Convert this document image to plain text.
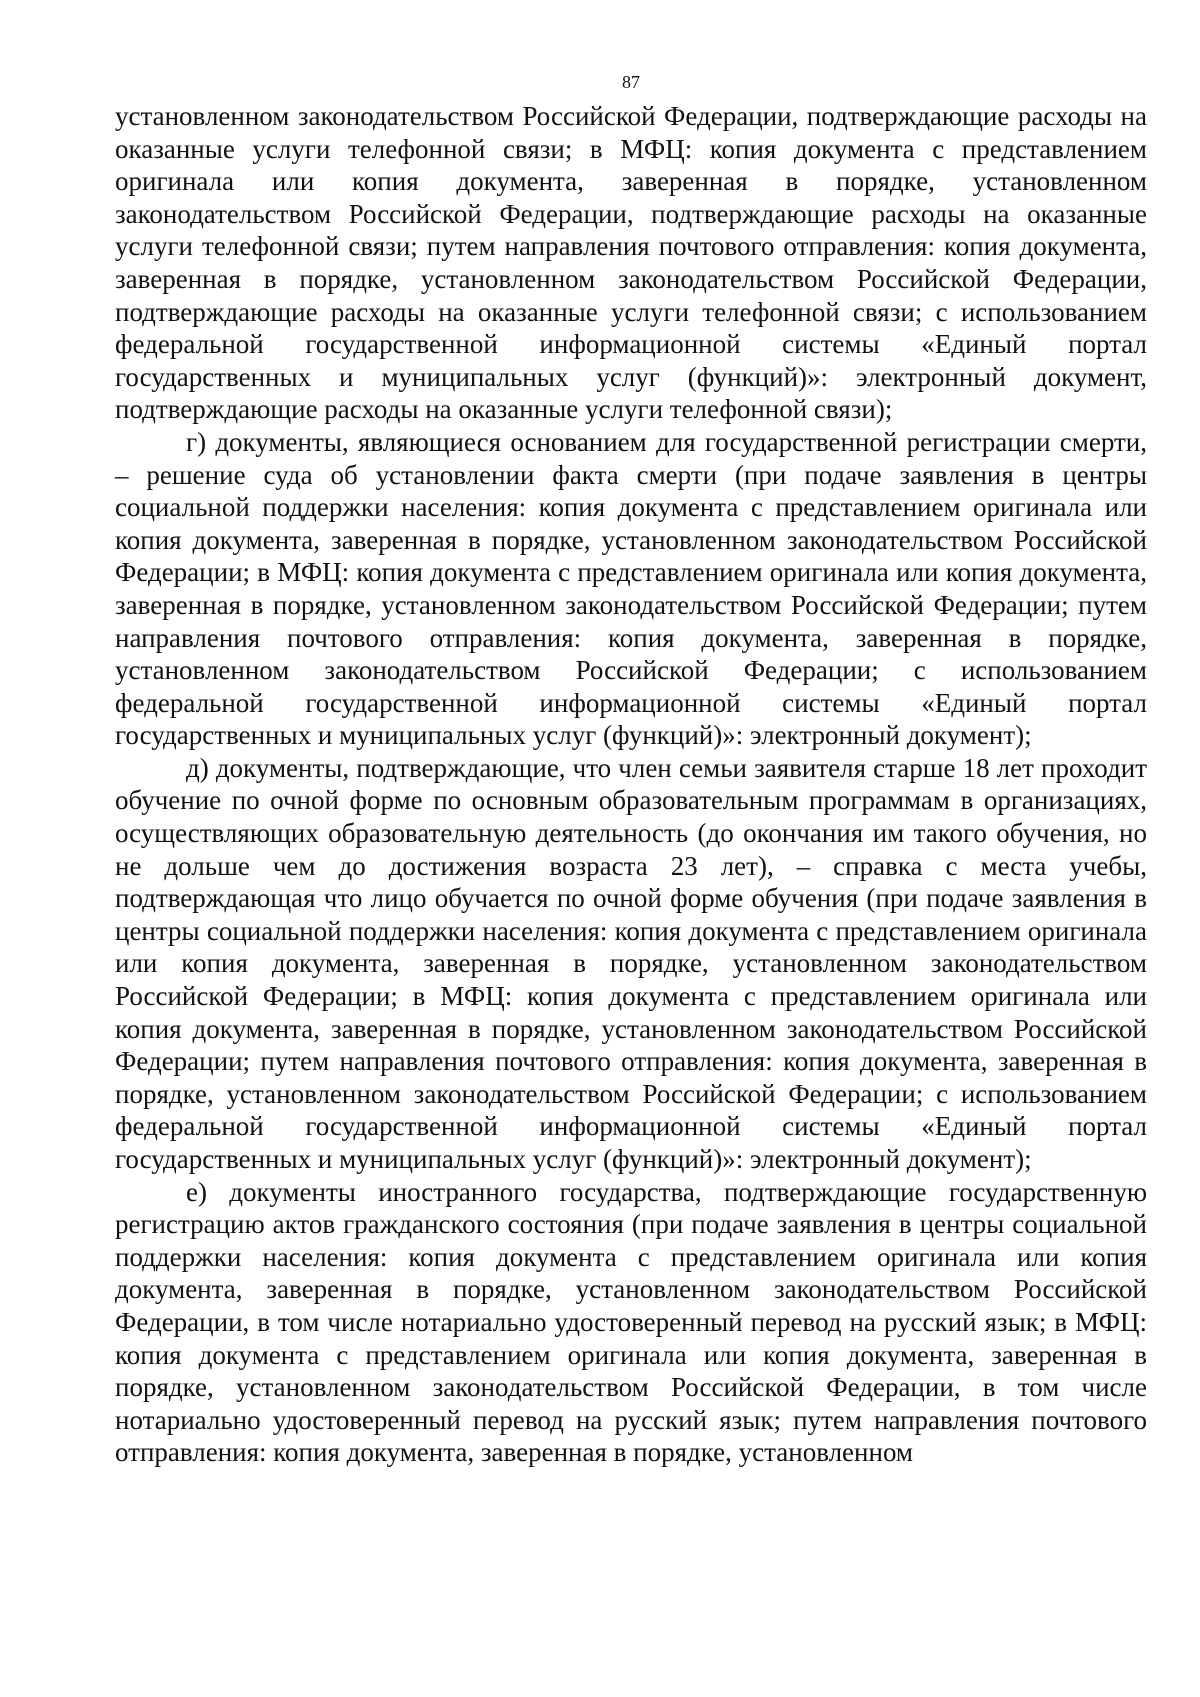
87

установленном законодательством Российской Федерации, подтверждающие расходы на оказанные услуги телефонной связи; в МФЦ: копия документа с представлением оригинала или копия документа, заверенная в порядке, установленном законодательством Российской Федерации, подтверждающие расходы на оказанные услуги телефонной связи; путем направления почтового отправления: копия документа, заверенная в порядке, установленном законодательством Российской Федерации, подтверждающие расходы на оказанные услуги телефонной связи; с использованием федеральной государственной информационной системы «Единый портал государственных и муниципальных услуг (функций)»: электронный документ, подтверждающие расходы на оказанные услуги телефонной связи);

г) документы, являющиеся основанием для государственной регистрации смерти, – решение суда об установлении факта смерти (при подаче заявления в центры социальной поддержки населения: копия документа с представлением оригинала или копия документа, заверенная в порядке, установленном законодательством Российской Федерации; в МФЦ: копия документа с представлением оригинала или копия документа, заверенная в порядке, установленном законодательством Российской Федерации; путем направления почтового отправления: копия документа, заверенная в порядке, установленном законодательством Российской Федерации; с использованием федеральной государственной информационной системы «Единый портал государственных и муниципальных услуг (функций)»: электронный документ);

д) документы, подтверждающие, что член семьи заявителя старше 18 лет проходит обучение по очной форме по основным образовательным программам в организациях, осуществляющих образовательную деятельность (до окончания им такого обучения, но не дольше чем до достижения возраста 23 лет), – справка с места учебы, подтверждающая что лицо обучается по очной форме обучения (при подаче заявления в центры социальной поддержки населения: копия документа с представлением оригинала или копия документа, заверенная в порядке, установленном законодательством Российской Федерации; в МФЦ: копия документа с представлением оригинала или копия документа, заверенная в порядке, установленном законодательством Российской Федерации; путем направления почтового отправления: копия документа, заверенная в порядке, установленном законодательством Российской Федерации; с использованием федеральной государственной информационной системы «Единый портал государственных и муниципальных услуг (функций)»: электронный документ);

е) документы иностранного государства, подтверждающие государственную регистрацию актов гражданского состояния (при подаче заявления в центры социальной поддержки населения: копия документа с представлением оригинала или копия документа, заверенная в порядке, установленном законодательством Российской Федерации, в том числе нотариально удостоверенный перевод на русский язык; в МФЦ: копия документа с представлением оригинала или копия документа, заверенная в порядке, установленном законодательством Российской Федерации, в том числе нотариально удостоверенный перевод на русский язык; путем направления почтового отправления: копия документа, заверенная в порядке, установленном
